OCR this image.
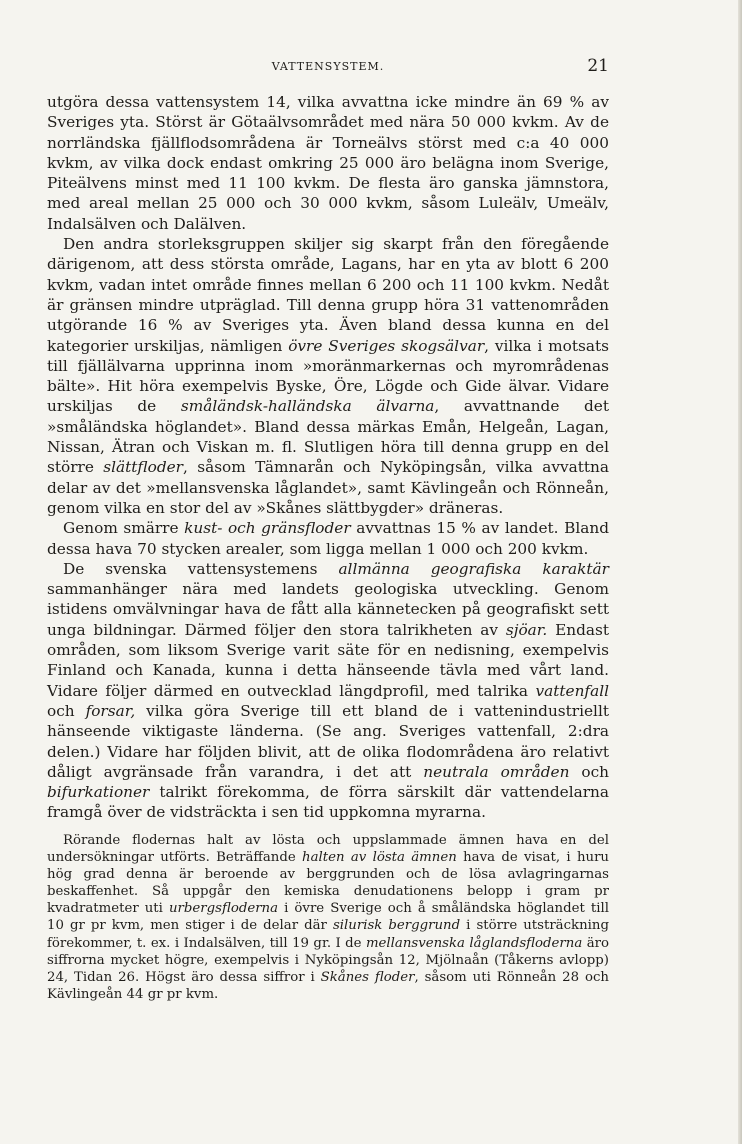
VATTENSYSTEM.	21

utgöra dessa vattensystem 14, vilka avvattna icke mindre än 69 % av Sveriges yta. Störst är Götaälvsområdet med nära 50 000 kvkm. Av de norrländska fjällflodsområdena är Torneälvs störst med c:a 40 000 kvkm, av vilka dock endast omkring 25 000 äro belägna inom Sverige, Piteälvens minst med 11 100 kvkm. De flesta äro ganska jämnstora, med areal mellan 25 000 och 30 000 kvkm, såsom Luleälv, Umeälv, Indalsälven och Dalälven.

Den andra storleksgruppen skiljer sig skarpt från den föregående därigenom, att dess största område, Lagans, har en yta av blott 6 200 kvkm, vadan intet område finnes mellan 6 200 och 11 100 kvkm. Nedåt är gränsen mindre utpräglad. Till denna grupp höra 31 vattenområden utgörande 16 % av Sveriges yta. Även bland dessa kunna en del kategorier urskiljas, nämligen övre Sveriges skogsälvar, vilka i motsats till fjällälvarna upprinna inom »moränmarkernas och myrområdenas bälte». Hit höra exempelvis Byske, Öre, Lögde och Gide älvar. Vidare urskiljas de småländsk-halländska älvarna, avvattnande det »småländska höglandet». Bland dessa märkas Emån, Helgeån, Lagan, Nissan, Ätran och Viskan m. fl. Slutligen höra till denna grupp en del större slättfloder, såsom Tämnarån och Nyköpingsån, vilka avvattna delar av det »mellansvenska låglandet», samt Kävlingeån och Rönneån, genom vilka en stor del av »Skånes slättbygder» dräneras.

Genom smärre kust- och gränsfloder avvattnas 15 % av landet. Bland dessa hava 70 stycken arealer, som ligga mellan 1 000 och 200 kvkm.

De svenska vattensystemens allmänna geografiska karaktär sammanhänger nära med landets geologiska utveckling. Genom istidens omvälvningar hava de fått alla kännetecken på geografiskt sett unga bildningar. Därmed följer den stora talrikheten av sjöar. Endast områden, som liksom Sverige varit säte för en nedisning, exempelvis Finland och Kanada, kunna i detta hänseende tävla med vårt land. Vidare följer därmed en outvecklad längdprofil, med talrika vattenfall och forsar, vilka göra Sverige till ett bland de i vattenindustriellt hänseende viktigaste länderna. (Se ang. Sveriges vattenfall, 2:dra delen.) Vidare har följden blivit, att de olika flodområdena äro relativt dåligt avgränsade från varandra, i det att neutrala områden och bifurkationer talrikt förekomma, de förra särskilt där vattendelarna framgå över de vidsträckta i sen tid uppkomna myrarna.

Rörande flodernas halt av lösta och uppslammade ämnen hava en del undersökningar utförts. Beträffande halten av lösta ämnen hava de visat, i huru hög grad denna är beroende av berggrunden och de lösa avlagringarnas beskaffenhet. Så uppgår den kemiska denudationens belopp i gram pr kvadratmeter uti urbergsfloderna i övre Sverige och å småländska höglandet till 10 gr pr kvm, men stiger i de delar där silurisk berggrund i större utsträckning förekommer, t. ex. i Indalsälven, till 19 gr. I de mellansvenska låglandsfloderna äro siffrorna mycket högre, exempelvis i Nyköpingsån 12, Mjölnaån (Tåkerns avlopp) 24, Tidan 26. Högst äro dessa siffror i Skånes floder, såsom uti Rönneån 28 och Kävlingeån 44 gr pr kvm.
